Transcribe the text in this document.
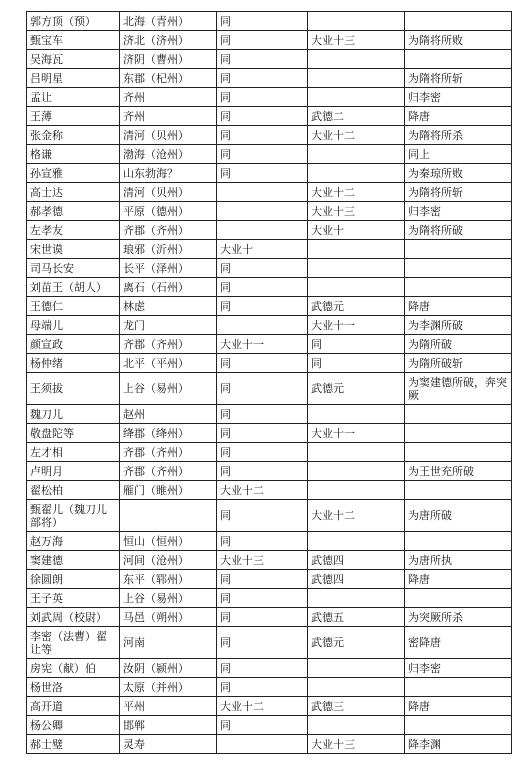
郭方顶（预）	北海（青州）	同		
甄宝车	济北（济州）	同	大业十三	为隋将所败
吴海瓦	济阴（曹州）	同		
吕明星	东郡（杞州）	同		为隋将所斩
孟让	齐州	同		归李密
王薄	齐州	同	武德二	降唐
张金称	清河（贝州）	同	大业十二	为隋将所杀
格谦	渤海（沧州）	同		同上
孙宣雅	山东勃海？	同		为秦琼所败
高士达	清河（贝州）		大业十二	为隋将所斩
郝孝德	平原（德州）		大业十三	归李密
左孝友	齐郡（齐州）		大业十	为隋将所破
宋世谟	琅邪（沂州）	大业十		
司马长安	长平（泽州）	同		
刘苗王（胡人）	离石（石州）	同		
王德仁	林虑	同	武德元	降唐
母端儿	龙门		大业十一	为李渊所破
颜宣政	齐郡（齐州）	大业十一	同	为隋所破
杨仲绪	北平（平州）	同	同	为隋所破斩
王须拔	上谷（易州）	同	武德元	为窦建德所破，奔突厥
魏刀儿	赵州	同		
敬盘陀等	绛郡（绛州）	同	大业十一	
左才相	齐郡（齐州）	同		
卢明月	齐郡（齐州）	同		为王世充所破
翟松柏	雁门（睢州）	大业十二		
甄翟儿（魏刀儿部将）		同	大业十二	为唐所破
赵万海	恒山（恒州）	同		
窦建德	河间（沧州）	大业十三	武德四	为唐所执
徐圆朗	东平（郓州）	同	武德四	降唐
王子英	上谷（易州）	同		
刘武周（校尉）	马邑（朔州）	同	武德五	为突厥所杀
李密（法曹）翟让等	河南	同	武德元	密降唐
房宪（献）伯	汝阴（颍州）	同		归李密
杨世洛	太原（并州）	同		
高开道	平州	大业十二	武德三	降唐
杨公卿	邯郸	同		
郝士璧	灵寿		大业十三	降李渊
